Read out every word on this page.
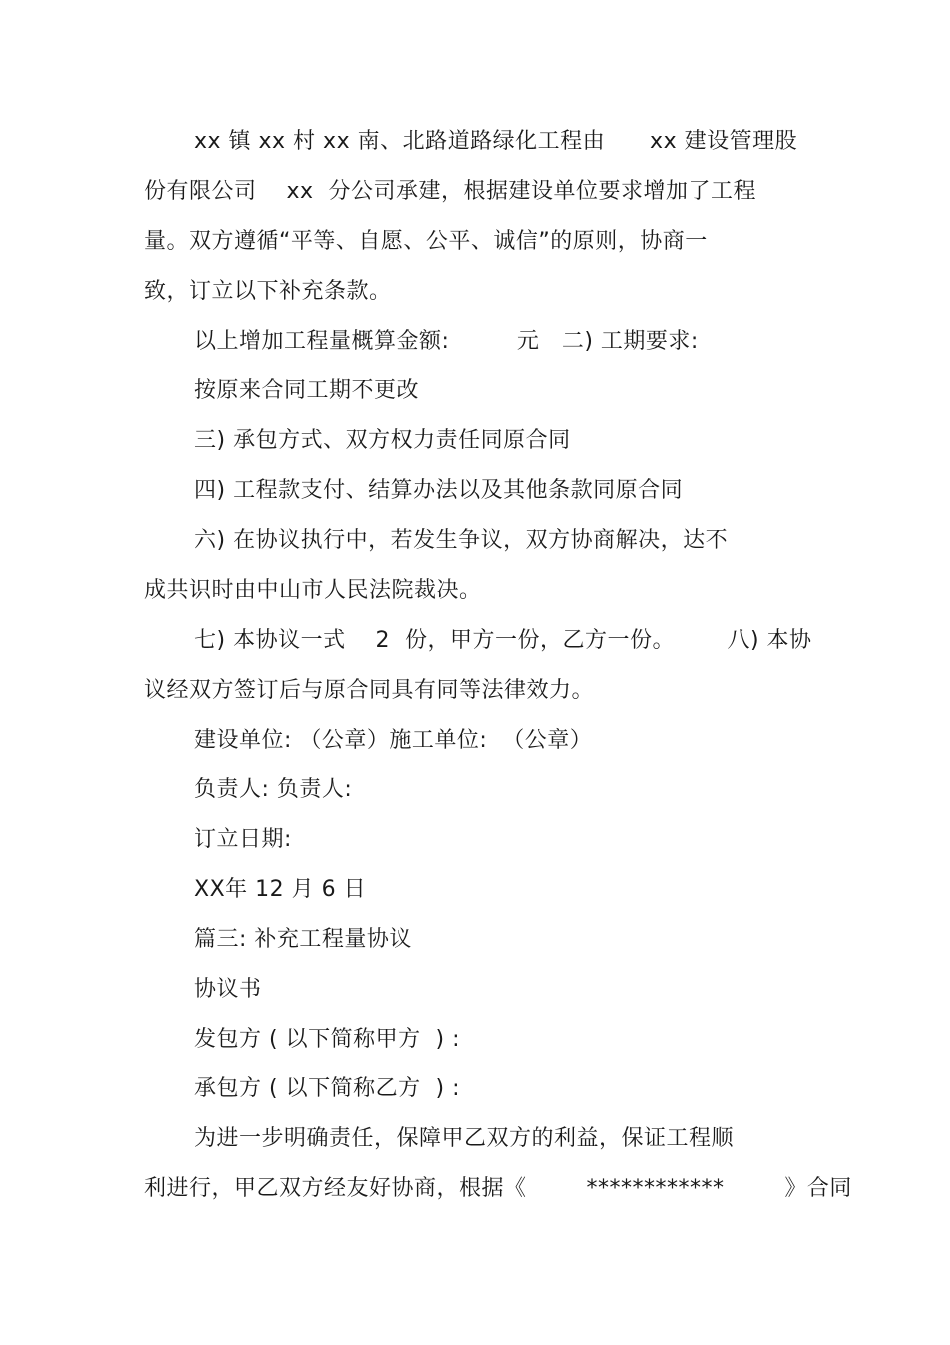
xx 镇 xx 村 xx 南、北路道路绿化工程由      xx 建设管理股
份有限公司    xx  分公司承建，根据建设单位要求增加了工程
量。双方遵循“平等、自愿、公平、诚信”的原则，协商一
致，订立以下补充条款。
以上增加工程量概算金额:         元   二) 工期要求:
按原来合同工期不更改
三) 承包方式、双方权力责任同原合同
四) 工程款支付、结算办法以及其他条款同原合同
六) 在协议执行中，若发生争议，双方协商解决，达不
成共识时由中山市人民法院裁决。
七) 本协议一式    2  份，甲方一份，乙方一份。       八) 本协
议经双方签订后与原合同具有同等法律效力。
建设单位: （公章）施工单位:  （公章）
负责人: 负责人:
订立日期:
XX年 12 月 6 日
篇三: 补充工程量协议
协议书
发包方 ( 以下简称甲方  ) :
承包方 ( 以下简称乙方  ) :
为进一步明确责任，保障甲乙双方的利益，保证工程顺
利进行，甲乙双方经友好协商，根据《        ************        》合同
